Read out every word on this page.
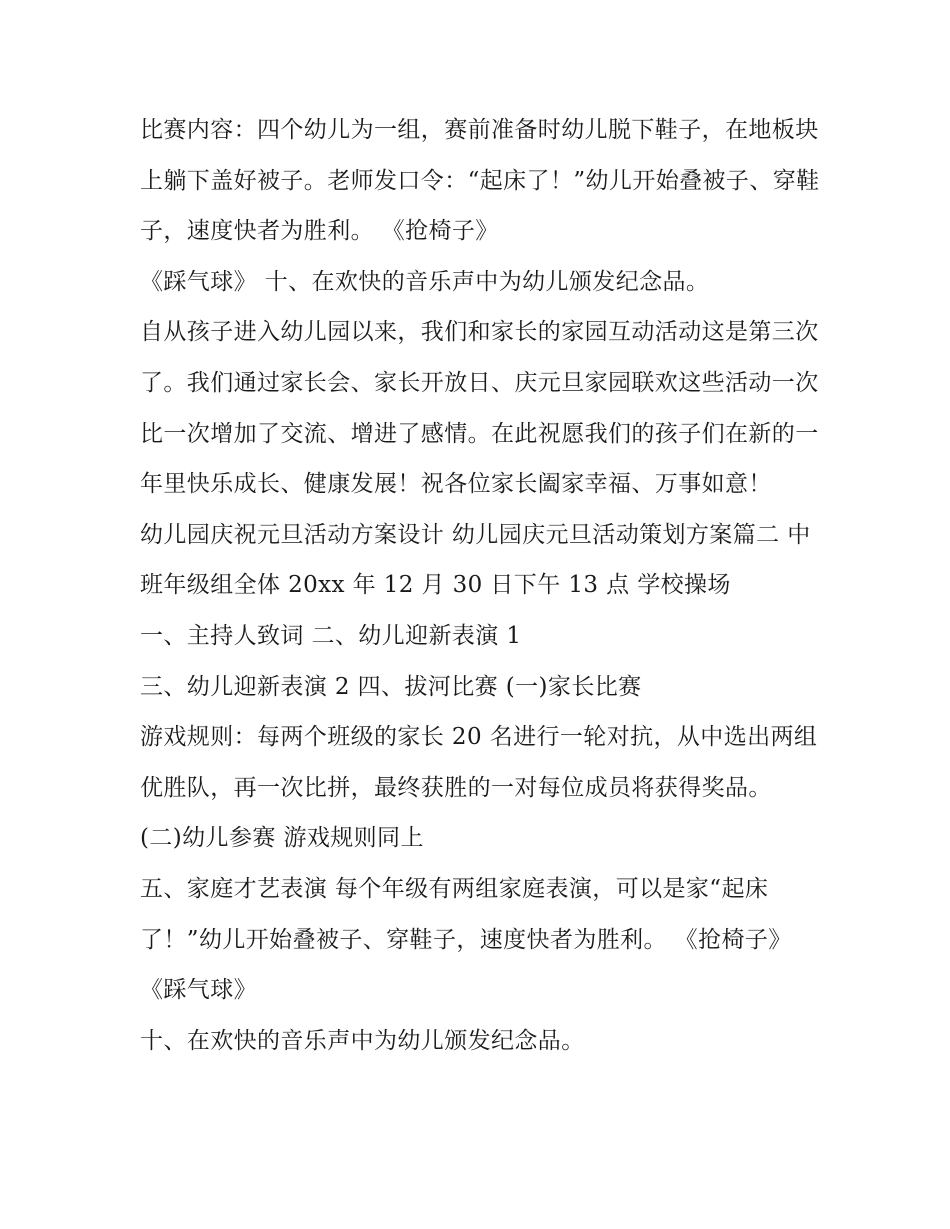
比赛内容：四个幼儿为一组，赛前准备时幼儿脱下鞋子，在地板块上躺下盖好被子。老师发口令：“起床了！”幼儿开始叠被子、穿鞋子，速度快者为胜利。 《抢椅子》

《踩气球》 十、在欢快的音乐声中为幼儿颁发纪念品。

自从孩子进入幼儿园以来，我们和家长的家园互动活动这是第三次了。我们通过家长会、家长开放日、庆元旦家园联欢这些活动一次比一次增加了交流、增进了感情。在此祝愿我们的孩子们在新的一年里快乐成长、健康发展！祝各位家长阖家幸福、万事如意！

幼儿园庆祝元旦活动方案设计 幼儿园庆元旦活动策划方案篇二 中班年级组全体 20xx 年 12 月 30 日下午 13 点 学校操场

一、主持人致词 二、幼儿迎新表演 1

三、幼儿迎新表演 2 四、拔河比赛 (一)家长比赛

游戏规则：每两个班级的家长 20 名进行一轮对抗，从中选出两组优胜队，再一次比拼，最终获胜的一对每位成员将获得奖品。 (二)幼儿参赛 游戏规则同上

五、家庭才艺表演 每个年级有两组家庭表演，可以是家“起床了！”幼儿开始叠被子、穿鞋子，速度快者为胜利。 《抢椅子》 《踩气球》

十、在欢快的音乐声中为幼儿颁发纪念品。
